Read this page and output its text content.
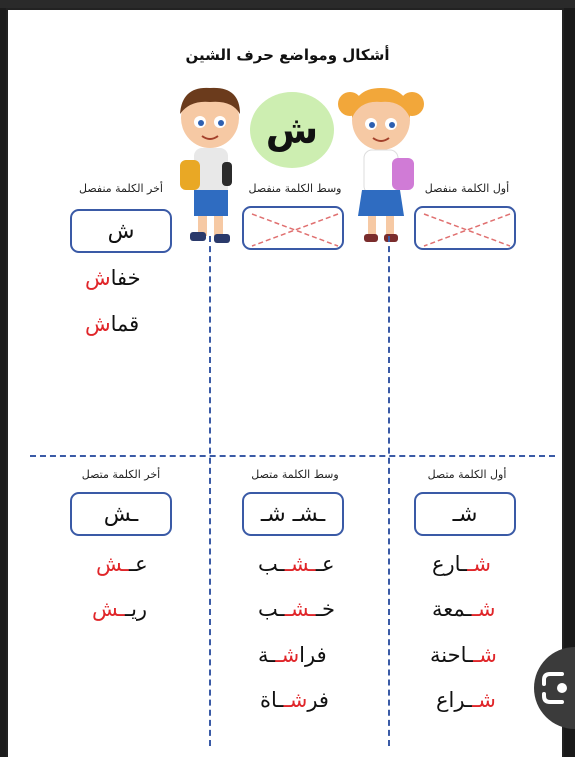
أشكال ومواضع حرف الشين
ش
أول الكلمة منفصل
وسط الكلمة منفصل
أخر الكلمة منفصل
ش
خفاش
قماش
أول الكلمة متصل
وسط الكلمة متصل
أخر الكلمة متصل
شـ
ـشـ شـ
ـش
شــارع
شــمعة
شــاحنة
شــراع
عــشــب
خــشــب
فراشــة
فرشــاة
عــش
ريــش
